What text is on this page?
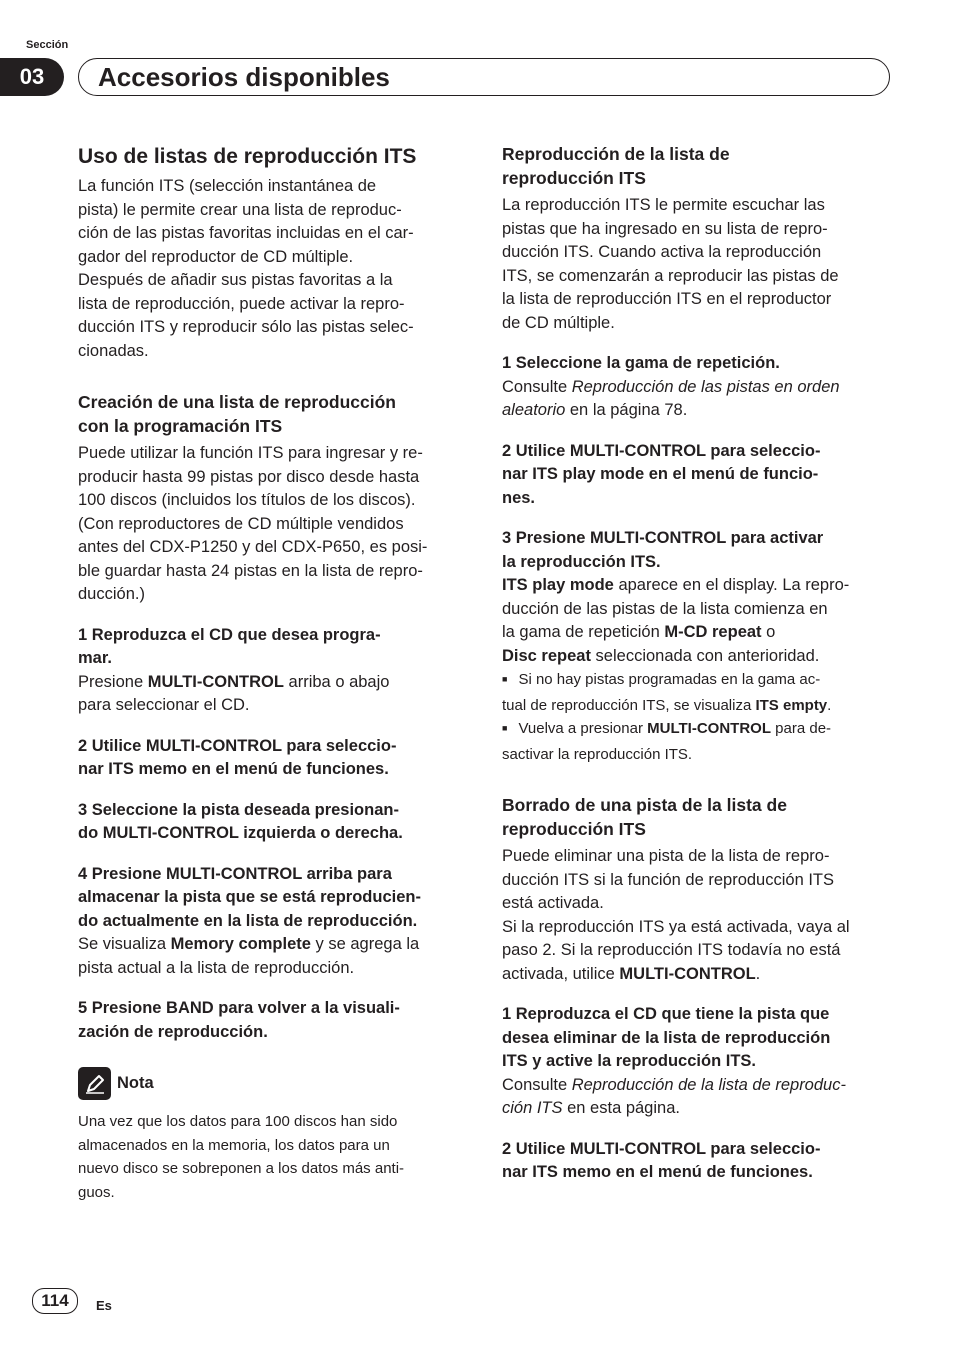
Sección
03	Accesorios disponibles
Uso de listas de reproducción ITS
La función ITS (selección instantánea de
pista) le permite crear una lista de reproduc-
ción de las pistas favoritas incluidas en el car-
gador del reproductor de CD múltiple.
Después de añadir sus pistas favoritas a la
lista de reproducción, puede activar la repro-
ducción ITS y reproducir sólo las pistas selec-
cionadas.
Creación de una lista de reproducción
con la programación ITS
Puede utilizar la función ITS para ingresar y re-
producir hasta 99 pistas por disco desde hasta
100 discos (incluidos los títulos de los discos).
(Con reproductores de CD múltiple vendidos
antes del CDX-P1250 y del CDX-P650, es posi-
ble guardar hasta 24 pistas en la lista de repro-
ducción.)
1 Reproduzca el CD que desea progra-
mar.
Presione MULTI-CONTROL arriba o abajo
para seleccionar el CD.
2 Utilice MULTI-CONTROL para seleccio-
nar ITS memo en el menú de funciones.
3 Seleccione la pista deseada presionan-
do MULTI-CONTROL izquierda o derecha.
4 Presione MULTI-CONTROL arriba para
almacenar la pista que se está reproducien-
do actualmente en la lista de reproducción.
Se visualiza Memory complete y se agrega la
pista actual a la lista de reproducción.
5 Presione BAND para volver a la visuali-
zación de reproducción.
Nota
Una vez que los datos para 100 discos han sido
almacenados en la memoria, los datos para un
nuevo disco se sobreponen a los datos más anti-
guos.
Reproducción de la lista de
reproducción ITS
La reproducción ITS le permite escuchar las
pistas que ha ingresado en su lista de repro-
ducción ITS. Cuando activa la reproducción
ITS, se comenzarán a reproducir las pistas de
la lista de reproducción ITS en el reproductor
de CD múltiple.
1 Seleccione la gama de repetición.
Consulte Reproducción de las pistas en orden
aleatorio en la página 78.
2 Utilice MULTI-CONTROL para seleccio-
nar ITS play mode en el menú de funcio-
nes.
3 Presione MULTI-CONTROL para activar
la reproducción ITS.
ITS play mode aparece en el display. La repro-
ducción de las pistas de la lista comienza en
la gama de repetición M-CD repeat o
Disc repeat seleccionada con anterioridad.
■ Si no hay pistas programadas en la gama ac-
tual de reproducción ITS, se visualiza ITS empty.
■ Vuelva a presionar MULTI-CONTROL para de-
sactivar la reproducción ITS.
Borrado de una pista de la lista de
reproducción ITS
Puede eliminar una pista de la lista de repro-
ducción ITS si la función de reproducción ITS
está activada.
Si la reproducción ITS ya está activada, vaya al
paso 2. Si la reproducción ITS todavía no está
activada, utilice MULTI-CONTROL.
1 Reproduzca el CD que tiene la pista que
desea eliminar de la lista de reproducción
ITS y active la reproducción ITS.
Consulte Reproducción de la lista de reproduc-
ción ITS en esta página.
2 Utilice MULTI-CONTROL para seleccio-
nar ITS memo en el menú de funciones.
114	Es
